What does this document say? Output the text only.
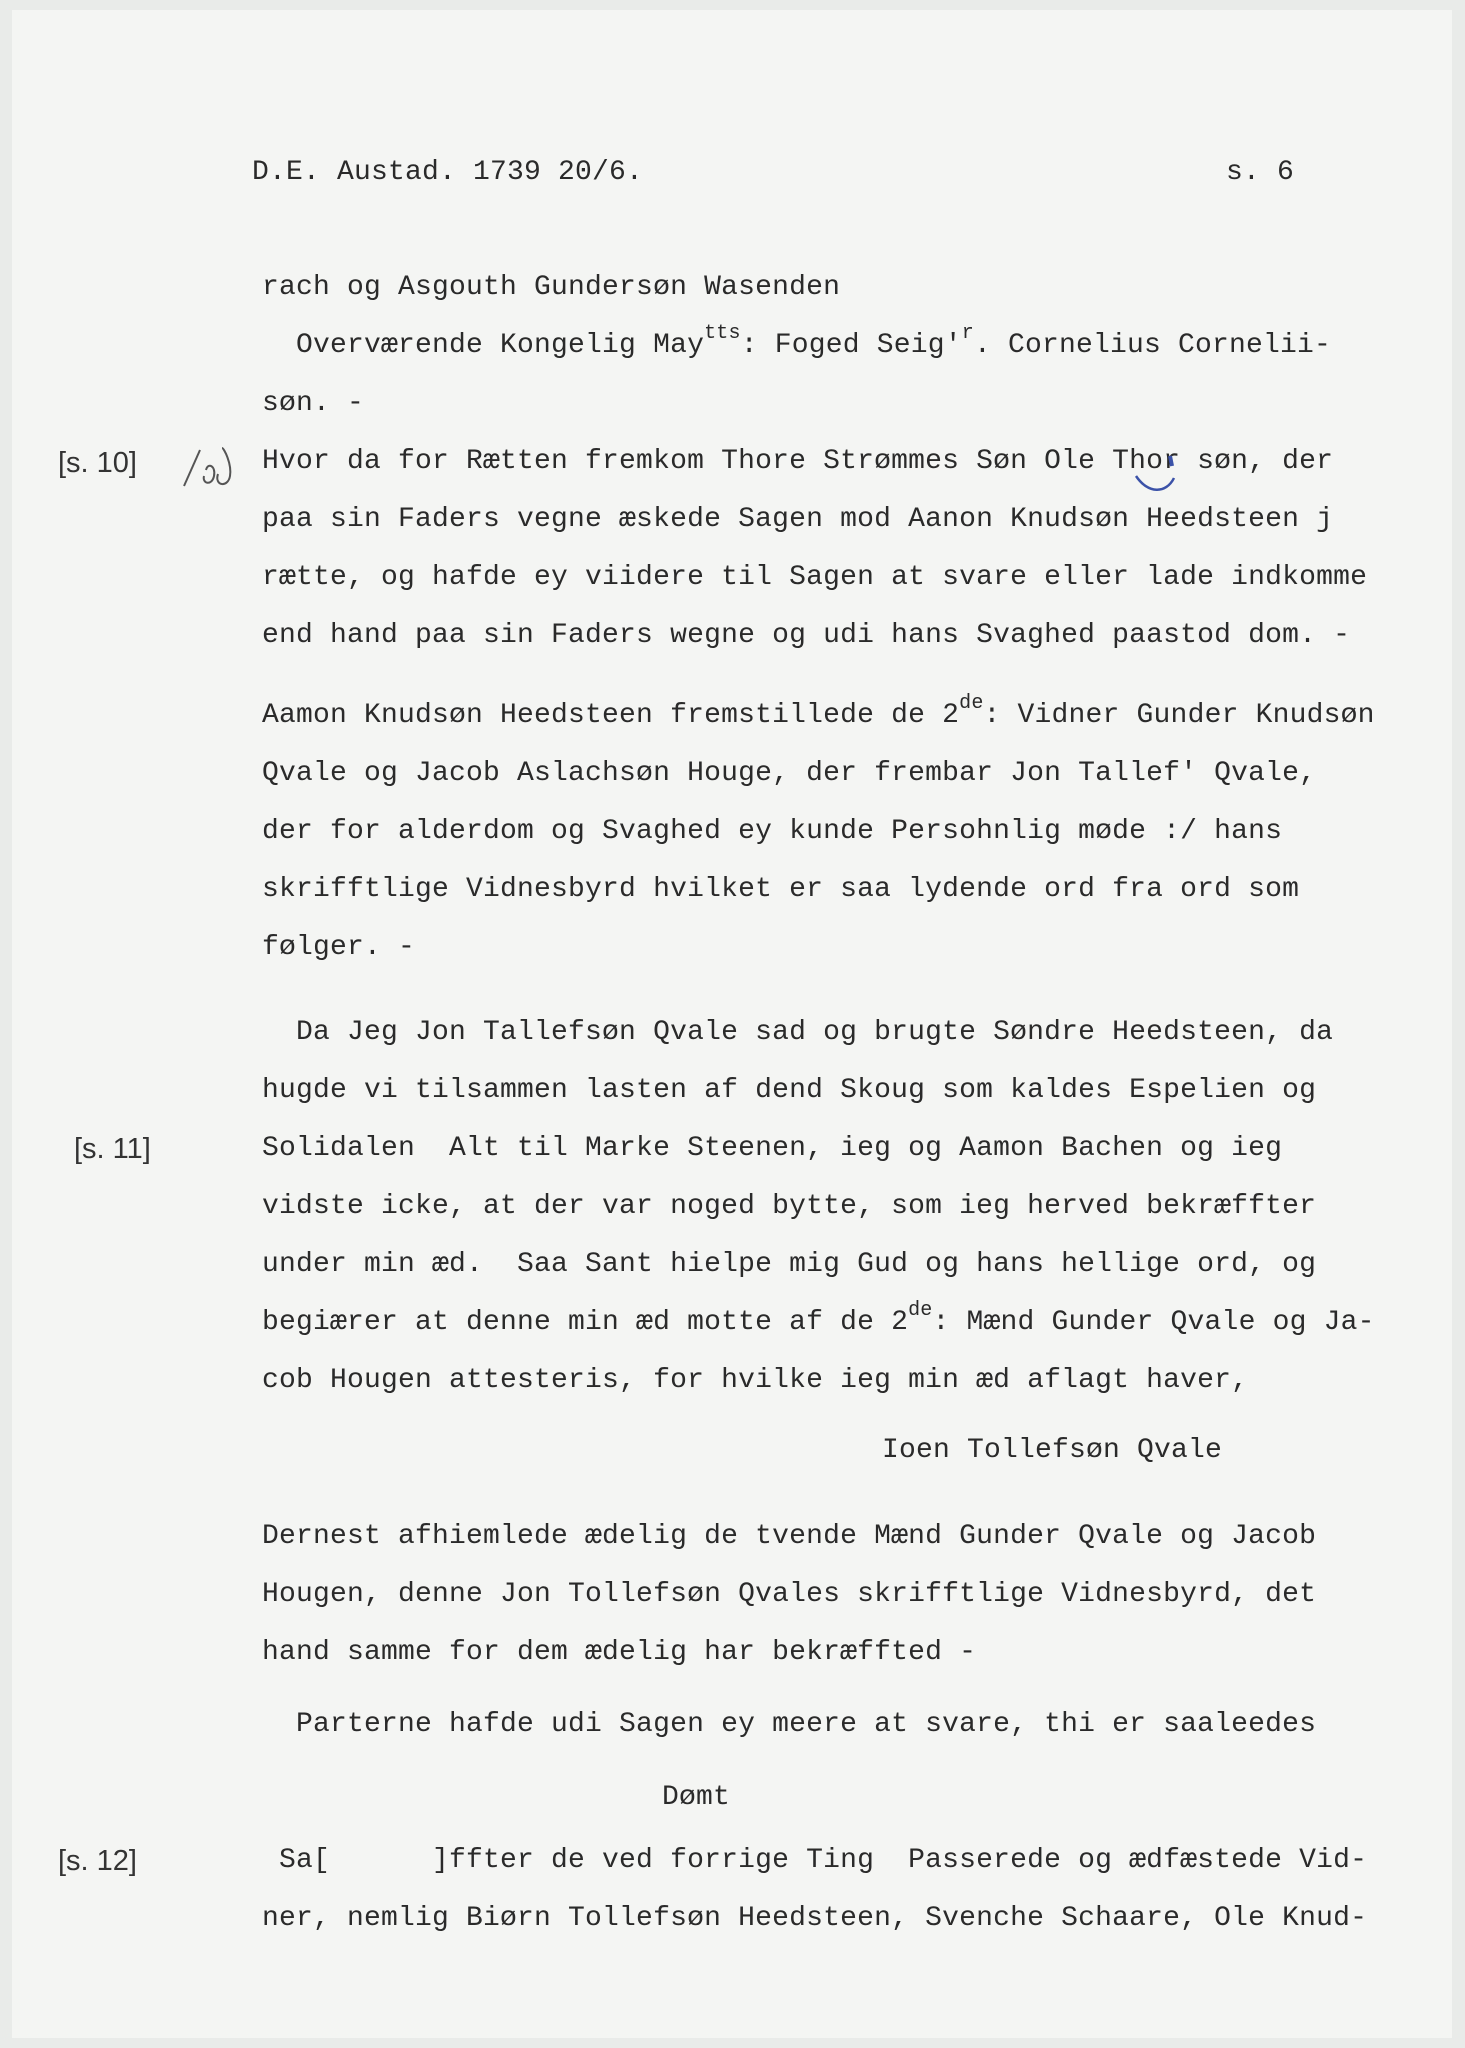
D.E. Austad. 1739 20/6.	s. 6
rach og Asgouth Gundersøn Wasenden
Overværende Kongelig May$^{tts}$: Foged $Seig'^r$. Cornelius Cornelii-
søn. -
[s. 10]	Hvor da for Rætten fremkom Thore Strømmes Søn Ole Thor søn, der
paa sin Faders vegne æskede Sagen mod Aanon Knudsøn Heedsteen j
rætte, og hafde ey viidere til Sagen at svare eller lade indkomme
end hand paa sin Faders wegne og udi hans Svaghed paastod dom. -
Aamon Knudsøn Heedsteen fremstillede de 2de: Vidner Gunder Knudsøn
Qvale og Jacob Aslachsøn Houge, der frembar Jon Tallef' Qvale,
der for alderdom og Svaghed ey kunde Persohnlig møde :/ hans
skrifftlige Vidnesbyrd hvilket er saa lydende ord fra ord som
følger. -
Da Jeg Jon Tallefsøn Qvale sad og brugte Søndre Heedsteen, da
hugde vi tilsammen lasten af dend Skoug som kaldes Espelien og
[s. 11]	Solidalen  Alt til Marke Steenen, ieg og Aamon Bachen og ieg
vidste icke, at der var noged bytte, som ieg herved bekræffter
under min æd.  Saa Sant hielpe mig Gud og hans hellige ord, og
begiærer at denne min æd motte af de 2de: Mænd Gunder Qvale og Ja-
cob Hougen attesteris, for hvilke ieg min æd aflagt haver,
Ioen Tollefsøn Qvale
Dernest afhiemlede ædelig de tvende Mænd Gunder Qvale og Jacob
Hougen, denne Jon Tollefsøn Qvales skrifftlige Vidnesbyrd, det
hand samme for dem ædelig har bekræffted -
Parterne hafde udi Sagen ey meere at svare, thi er saaleedes
Dømt
[s. 12]	Sa[      ]ffter de ved forrige Ting  Passerede og ædfæstede Vid-
ner, nemlig Biørn Tollefsøn Heedsteen, Svenche Schaare, Ole Knud-
